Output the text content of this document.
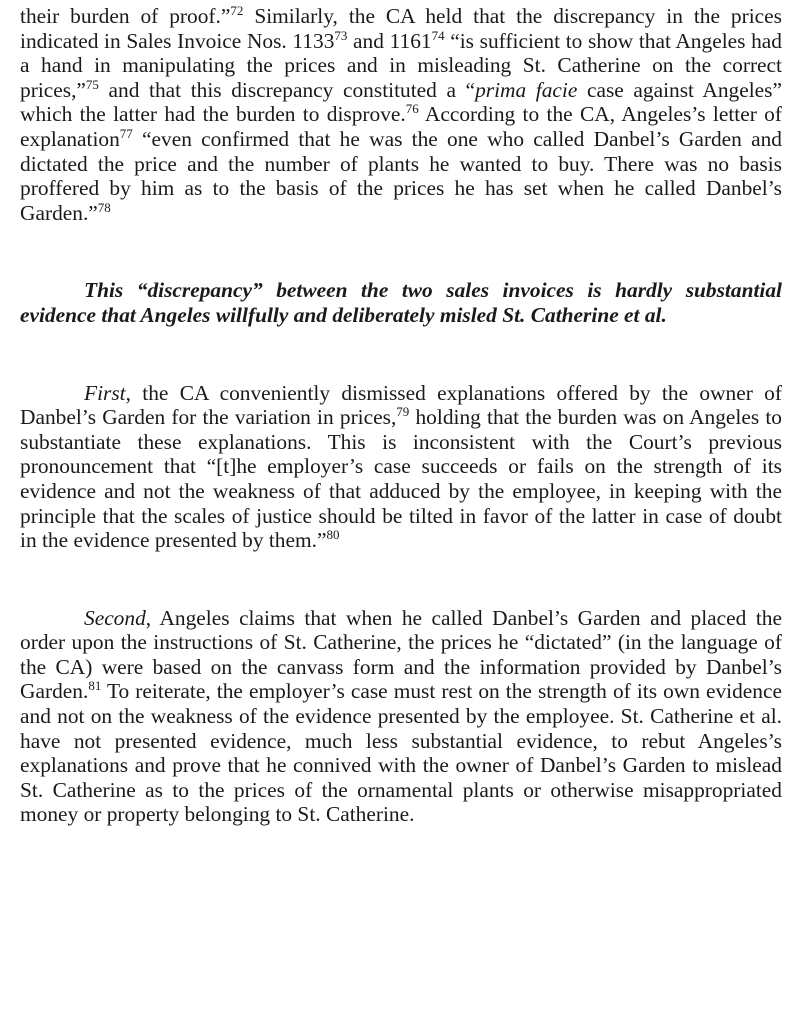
their burden of proof.”$^{72}$ Similarly, the CA held that the discrepancy in the prices indicated in Sales Invoice Nos. 1133$^{73}$ and 1161$^{74}$ “is sufficient to show that Angeles had a hand in manipulating the prices and in misleading St. Catherine on the correct prices,”$^{75}$ and that this discrepancy constituted a “prima facie case against Angeles” which the latter had the burden to disprove.$^{76}$ According to the CA, Angeles’s letter of explanation$^{77}$ “even confirmed that he was the one who called Danbel’s Garden and dictated the price and the number of plants he wanted to buy. There was no basis proffered by him as to the basis of the prices he has set when he called Danbel’s Garden.”$^{78}$

This “discrepancy” between the two sales invoices is hardly substantial evidence that Angeles willfully and deliberately misled St. Catherine et al.

First, the CA conveniently dismissed explanations offered by the owner of Danbel’s Garden for the variation in prices,$^{79}$ holding that the burden was on Angeles to substantiate these explanations. This is inconsistent with the Court’s previous pronouncement that “[t]he employer’s case succeeds or fails on the strength of its evidence and not the weakness of that adduced by the employee, in keeping with the principle that the scales of justice should be tilted in favor of the latter in case of doubt in the evidence presented by them.”$^{80}$

Second, Angeles claims that when he called Danbel’s Garden and placed the order upon the instructions of St. Catherine, the prices he “dictated” (in the language of the CA) were based on the canvass form and the information provided by Danbel’s Garden.$^{81}$ To reiterate, the employer’s case must rest on the strength of its own evidence and not on the weakness of the evidence presented by the employee. St. Catherine et al. have not presented evidence, much less substantial evidence, to rebut Angeles’s explanations and prove that he connived with the owner of Danbel’s Garden to mislead St. Catherine as to the prices of the ornamental plants or otherwise misappropriated money or property belonging to St. Catherine.
